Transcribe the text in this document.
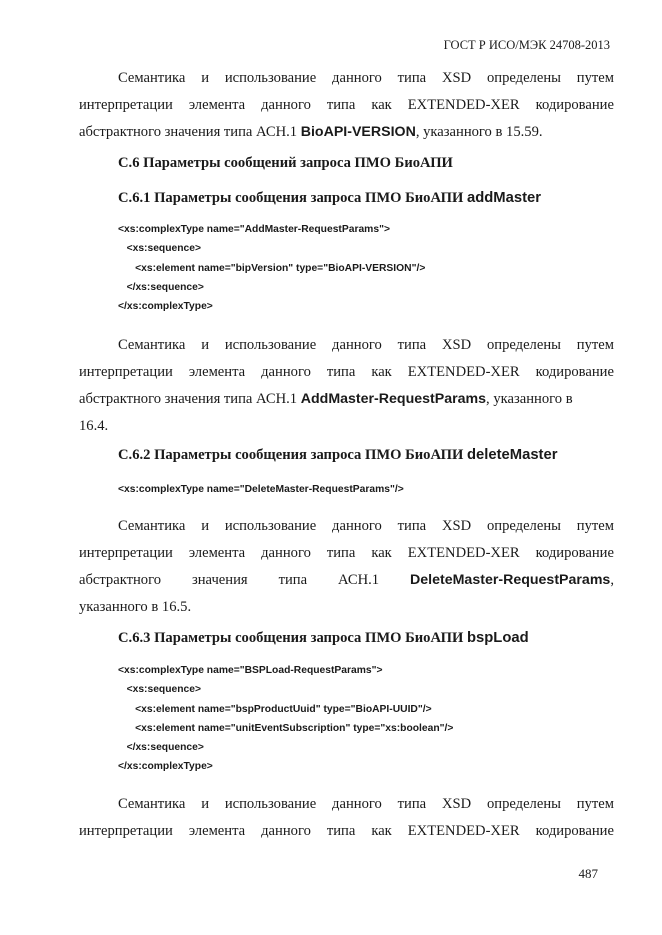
ГОСТ Р ИСО/МЭК 24708-2013
Семантика и использование данного типа XSD определены путем
интерпретации элемента данного типа как EXTENDED-XER кодирование
абстрактного значения типа АСН.1 BioAPI-VERSION , указанного в 15.59.
С.6 Параметры сообщений запроса ПМО БиоАПИ
С.6.1 Параметры сообщения запроса ПМО БиоАПИ addMaster
<xs:complexType name="AddMaster-RequestParams">
<xs:sequence>
<xs:element name="bipVersion" type="BioAPI-VERSION"/>
</xs:sequence>
</xs:complexType>
Семантика и использование данного типа XSD определены путем
интерпретации элемента данного типа как EXTENDED-XER кодирование
абстрактного значения типа АСН.1 AddMaster-RequestParams , указанного в
16.4.
С.6.2 Параметры сообщения запроса ПМО БиоАПИ deleteMaster
<xs:complexType name="DeleteMaster-RequestParams"/>
Семантика и использование данного типа XSD определены путем
интерпретации элемента данного типа как EXTENDED-XER кодирование
абстрактного значения типа АСН.1 DeleteMaster-RequestParams,
указанного в 16.5.
С.6.3 Параметры сообщения запроса ПМО БиоАПИ bspLoad
<xs:complexType name="BSPLoad-RequestParams">
<xs:sequence>
<xs:element name="bspProductUuid" type="BioAPI-UUID"/>
<xs:element name="unitEventSubscription" type="xs:boolean"/>
</xs:sequence>
</xs:complexType>
Семантика и использование данного типа XSD определены путем
интерпретации элемента данного типа как EXTENDED-XER кодирование
487
